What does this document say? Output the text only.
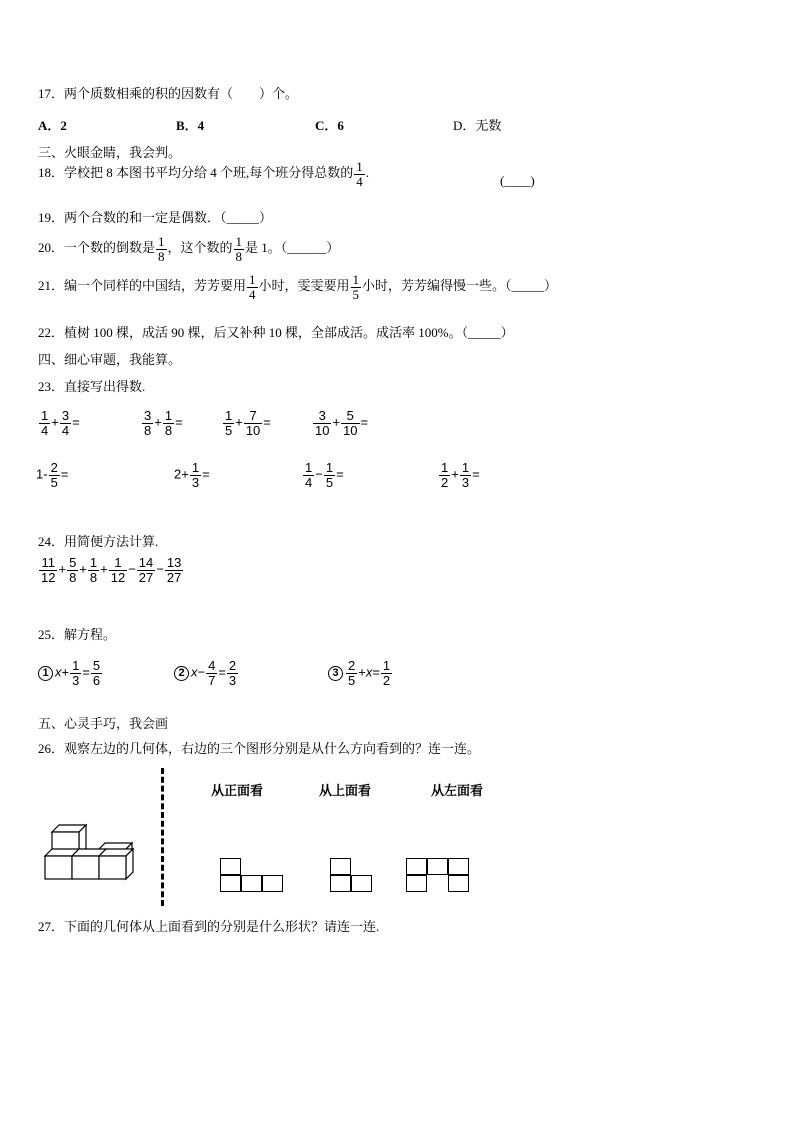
17．两个质数相乘的积的因数有（　　）个。
A．2	B．4	C．6	D．无数
三、火眼金睛，我会判。
18．学校把 8 本图书平均分给 4 个班,每个班分得总数的 $\frac{1}{4}$ .
(____)
19．两个合数的和一定是偶数．（_____）
20．一个数的倒数是 $\frac{1}{8}$ ，这个数的 $\frac{1}{8}$ 是 1。（______）
21．编一个同样的中国结，芳芳要用 $\frac{1}{4}$ 小时，雯雯要用 $\frac{1}{5}$ 小时，芳芳编得慢一些。（_____）
22．植树 100 棵，成活 90 棵，后又补种 10 棵，全部成活。成活率 100%。（_____）
四、细心审题，我能算。
23．直接写出得数.
$\frac{1}{4} + \frac{3}{4}$ =	$\frac{3}{8} + \frac{1}{8}$ =	$\frac{1}{5} + \frac{7}{10}$ =	$\frac{3}{10} + \frac{5}{10}$ =
$1- \frac{2}{5}$ =	$2+ \frac{1}{3}$ =	$\frac{1}{4} - \frac{1}{5}$ =	$\frac{1}{2} + \frac{1}{3}$ =
24．用简便方法计算.
$\frac{11}{12} + \frac{5}{8} + \frac{1}{8} + \frac{1}{12} - \frac{14}{27} - \frac{13}{27}$
25．解方程。
1 $x+ \frac{1}{3} = \frac{5}{6}$	2 $x- \frac{4}{7} = \frac{2}{3}$	$3 \frac{2}{5} +x= \frac{1}{2}$
五、心灵手巧，我会画
26．观察左边的几何体，右边的三个图形分别是从什么方向看到的？连一连。
从正面看	从上面看	从左面看
27．下面的几何体从上面看到的分别是什么形状？请连一连.
